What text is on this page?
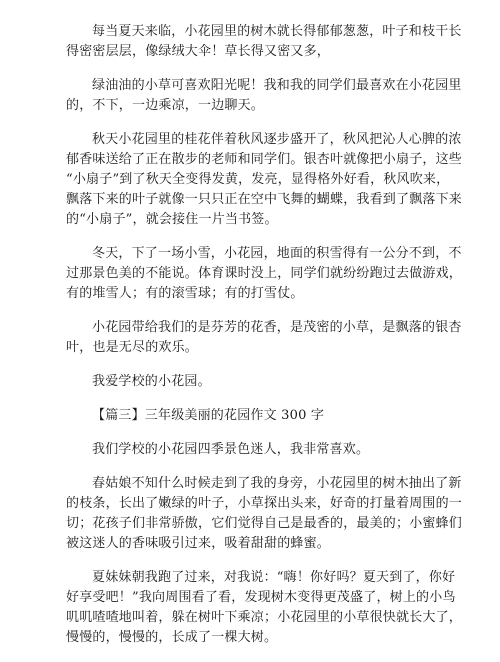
每当夏天来临，小花园里的树木就长得郁郁葱葱，叶子和枝干长
得密密层层，像绿绒大伞！草长得又密又多，
绿油油的小草可喜欢阳光呢！我和我的同学们最喜欢在小花园里
的，不下，一边乘凉，一边聊天。
秋天小花园里的桂花伴着秋风逐步盛开了，秋风把沁人心脾的浓
郁香味送给了正在散步的老师和同学们。银杏叶就像把小扇子，这些
“小扇子”到了秋天全变得发黄，发亮，显得格外好看，秋风吹来，
飘落下来的叶子就像一只只正在空中飞舞的蝴蝶，我看到了飘落下来
的“小扇子”，就会接住一片当书签。
冬天，下了一场小雪，小花园，地面的积雪得有一公分不到，不
过那景色美的不能说。体育课时没上，同学们就纷纷跑过去做游戏，
有的堆雪人；有的滚雪球；有的打雪仗。
小花园带给我们的是芬芳的花香，是茂密的小草，是飘落的银杏
叶，也是无尽的欢乐。
我爱学校的小花园。
【篇三】三年级美丽的花园作文 300 字
我们学校的小花园四季景色迷人，我非常喜欢。
春姑娘不知什么时候走到了我的身旁，小花园里的树木抽出了新
的枝条，长出了嫩绿的叶子，小草探出头来，好奇的打量着周围的一
切；花孩子们非常骄傲，它们觉得自己是最香的，最美的；小蜜蜂们
被这迷人的香味吸引过来，吸着甜甜的蜂蜜。
夏妹妹朝我跑了过来，对我说：“嗨！你好吗？夏天到了，你好
好享受吧！”我向周围看了看，发现树木变得更茂盛了，树上的小鸟
叽叽喳喳地叫着，躲在树叶下乘凉；小花园里的小草很快就长大了，
慢慢的，慢慢的，长成了一棵大树。
